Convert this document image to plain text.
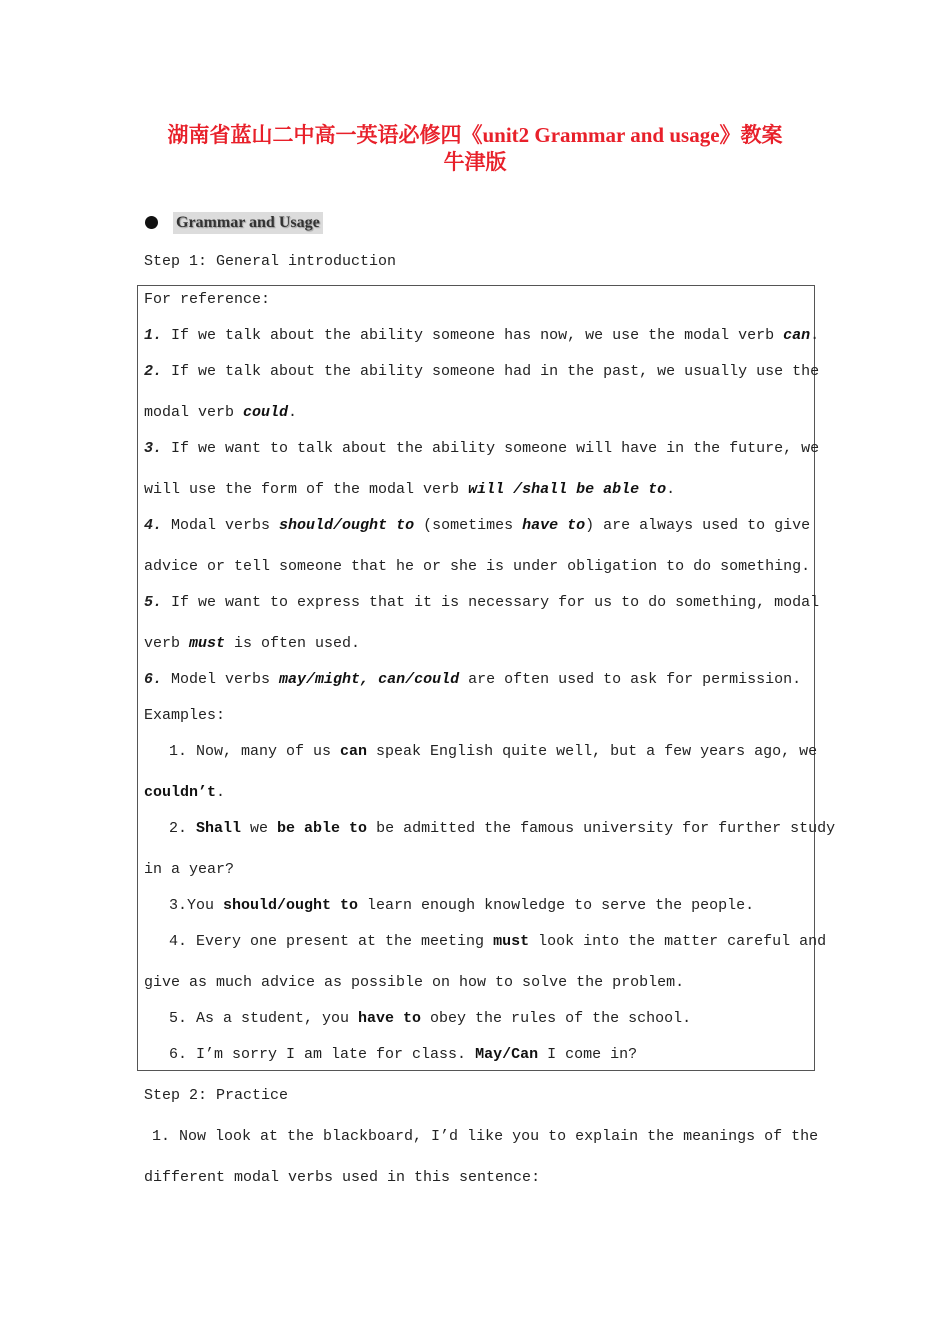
湖南省蓝山二中高一英语必修四《unit2 Grammar and usage》教案
牛津版
Grammar and Usage
Step 1: General introduction
For reference:
1. If we talk about the ability someone has now, we use the modal verb can.
2. If we talk about the ability someone had in the past, we usually use the
modal verb could.
3. If we want to talk about the ability someone will have in the future, we
will use the form of the modal verb will /shall be able to.
4. Modal verbs should/ought to (sometimes have to) are always used to give
advice or tell someone that he or she is under obligation to do something.
5. If we want to express that it is necessary for us to do something, modal
verb must is often used.
6. Model verbs may/might, can/could are often used to ask for permission.
Examples:
1. Now, many of us can speak English quite well, but a few years ago, we
couldn’t.
2. Shall we be able to be admitted the famous university for further study
in a year?
3.You should/ought to learn enough knowledge to serve the people.
4. Every one present at the meeting must look into the matter careful and
give as much advice as possible on how to solve the problem.
5. As a student, you have to obey the rules of the school.
6. I’m sorry I am late for class. May/Can I come in?
Step 2: Practice
1. Now look at the blackboard, I’d like you to explain the meanings of the
different modal verbs used in this sentence:
